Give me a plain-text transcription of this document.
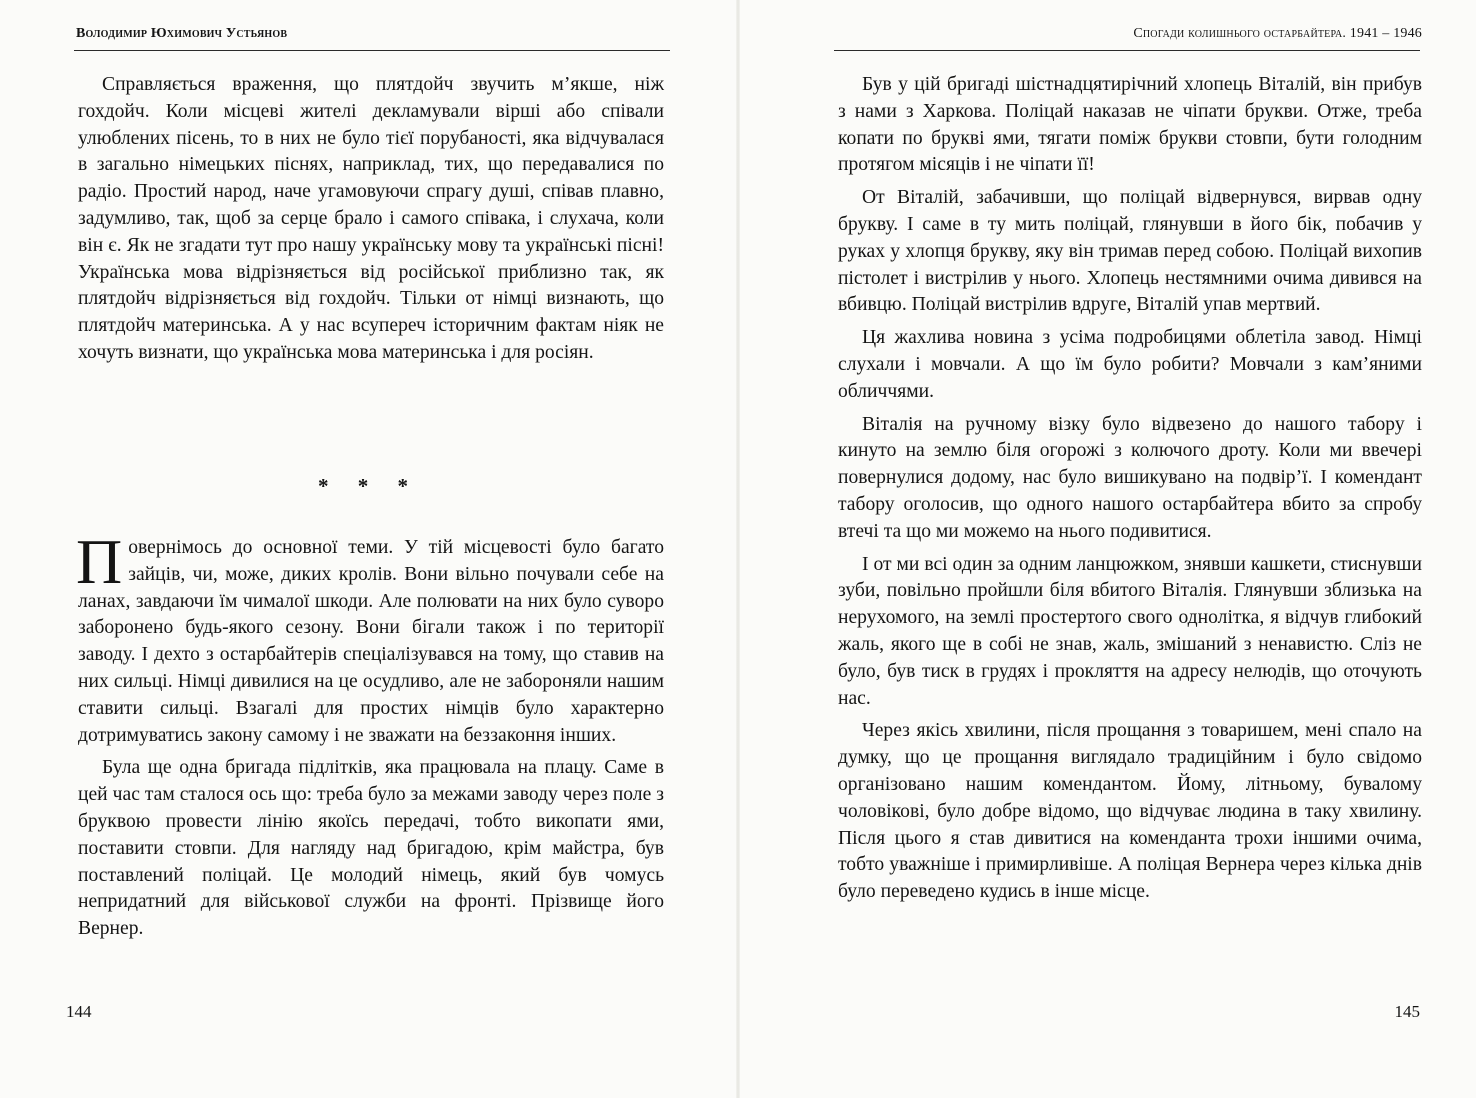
Володимир Юхимович Устьянов

Справляється враження, що плятдойч звучить м’якше, ніж гохдойч. Коли місцеві жителі декламували вірші або співали улюблених пісень, то в них не було тієї порубаності, яка відчувалася в загально німецьких піснях, наприклад, тих, що передавалися по радіо. Простий народ, наче угамовуючи спрагу душі, співав плавно, задумливо, так, щоб за серце брало і самого співака, і слухача, коли він є. Як не згадати тут про нашу українську мову та українські пісні! Українська мова відрізняється від російської приблизно так, як плятдойч відрізняється від гохдойч. Тільки от німці визнають, що плятдойч материнська. А у нас всупереч історичним фактам ніяк не хочуть визнати, що українська мова материнська і для росіян.

* * *

Повернімось до основної теми. У тій місцевості було багато зайців, чи, може, диких кролів. Вони вільно почували себе на ланах, завдаючи їм чималої шкоди. Але полювати на них було суворо заборонено будь-якого сезону. Вони бігали також і по території заводу. І дехто з остарбайтерів спеціалізувався на тому, що ставив на них сильці. Німці дивилися на це осудливо, але не забороняли нашим ставити сильці. Взагалі для простих німців було характерно дотримуватись закону самому і не зважати на беззаконня інших.

Була ще одна бригада підлітків, яка працювала на плацу. Саме в цей час там сталося ось що: треба було за межами заводу через поле з бруквою провести лінію якоїсь передачі, тобто викопати ями, поставити стовпи. Для нагляду над бригадою, крім майстра, був поставлений поліцай. Це молодий німець, який був чомусь непридатний для військової служби на фронті. Прізвище його Вернер.

144
Спогади колишнього остарбайтера. 1941 – 1946

Був у цій бригаді шістнадцятирічний хлопець Віталій, він прибув з нами з Харкова. Поліцай наказав не чіпати брукви. Отже, треба копати по брукві ями, тягати поміж брукви стовпи, бути голодним протягом місяців і не чіпати її!

От Віталій, забачивши, що поліцай відвернувся, вирвав одну брукву. І саме в ту мить поліцай, глянувши в його бік, побачив у руках у хлопця брукву, яку він тримав перед собою. Поліцай вихопив пістолет і вистрілив у нього. Хлопець нестямними очима дивився на вбивцю. Поліцай вистрілив вдруге, Віталій упав мертвий.

Ця жахлива новина з усіма подробицями облетіла завод. Німці слухали і мовчали. А що їм було робити? Мовчали з кам’яними обличчями.

Віталія на ручному візку було відвезено до нашого табору і кинуто на землю біля огорожі з колючого дроту. Коли ми ввечері повернулися додому, нас було вишикувано на подвір’ї. І комендант табору оголосив, що одного нашого остарбайтера вбито за спробу втечі та що ми можемо на нього подивитися.

І от ми всі один за одним ланцюжком, знявши кашкети, стиснувши зуби, повільно пройшли біля вбитого Віталія. Глянувши зблизька на нерухомого, на землі простертого свого однолітка, я відчув глибокий жаль, якого ще в собі не знав, жаль, змішаний з ненавистю. Сліз не було, був тиск в грудях і прокляття на адресу нелюдів, що оточують нас.

Через якісь хвилини, після прощання з товаришем, мені спало на думку, що це прощання виглядало традиційним і було свідомо організовано нашим комендантом. Йому, літньому, бувалому чоловікові, було добре відомо, що відчуває людина в таку хвилину. Після цього я став дивитися на коменданта трохи іншими очима, тобто уважніше і примирливіше. А поліцая Вернера через кілька днів було переведено кудись в інше місце.

145
